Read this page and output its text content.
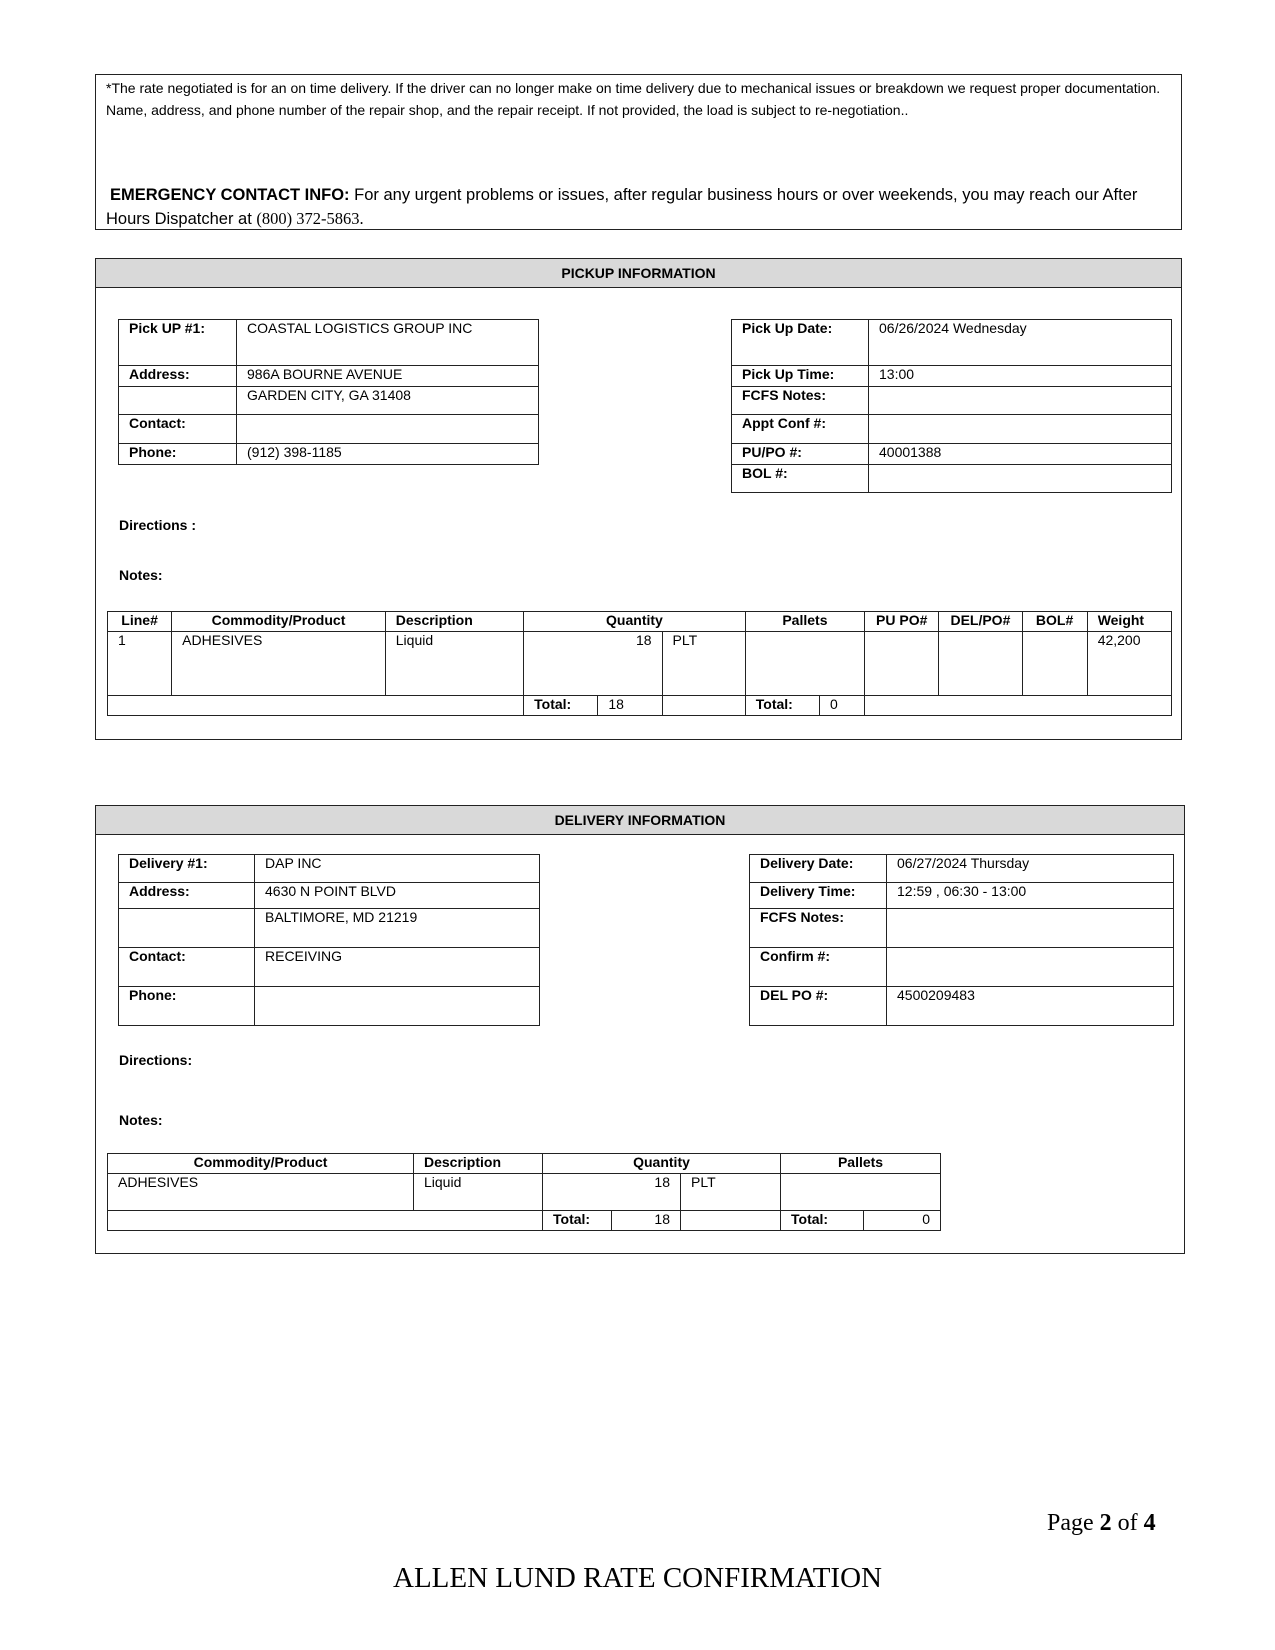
*The rate negotiated is for an on time delivery. If the driver can no longer make on time delivery due to mechanical issues or breakdown we request proper documentation. Name, address, and phone number of the repair shop, and the repair receipt. If not provided, the load is subject to re-negotiation..
EMERGENCY CONTACT INFO: For any urgent problems or issues, after regular business hours or over weekends, you may reach our After
Hours Dispatcher at (800) 372-5863.
PICKUP INFORMATION
Pick UP #1:	COASTAL LOGISTICS GROUP INC
Address:	986A BOURNE AVENUE
	GARDEN CITY, GA 31408
Contact:	
Phone:	(912) 398-1185
Pick Up Date:	06/26/2024 Wednesday
Pick Up Time:	13:00
FCFS Notes:	
Appt Conf #:	
PU/PO #:	40001388
BOL #:	
Directions :
Notes:
Line#	Commodity/Product	Description	Quantity			Pallets		PU PO#	DEL/PO#	BOL#	Weight
1	ADHESIVES	Liquid	18		PLT						42,200
			Total:	18		Total:	0				
DELIVERY INFORMATION
Delivery #1:	DAP INC
Address:	4630 N POINT BLVD
	BALTIMORE, MD 21219
Contact:	RECEIVING
Phone:	
Delivery Date:	06/27/2024 Thursday
Delivery Time:	12:59 , 06:30 - 13:00
FCFS Notes:	
Confirm #:	
DEL PO #:	4500209483
Directions:
Notes:
Commodity/Product	Description	Quantity			Pallets	
ADHESIVES	Liquid	18		PLT		
		Total:	18		Total:	0
Page 2 of 4
ALLEN LUND RATE CONFIRMATION
